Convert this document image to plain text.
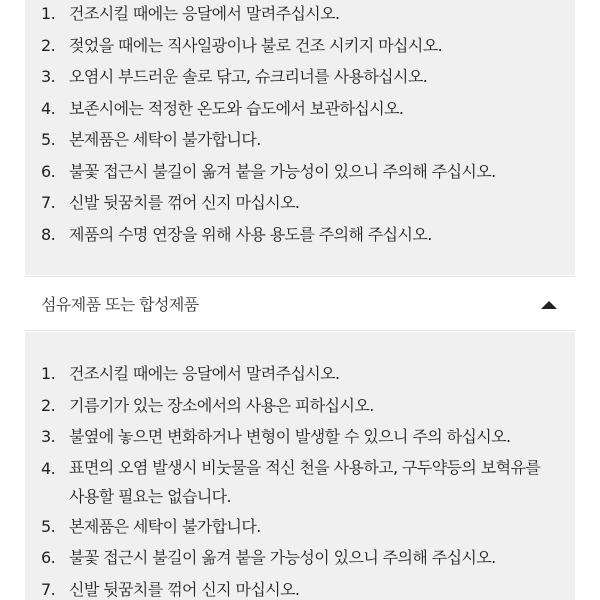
1. 건조시킬 때에는 응달에서 말려주십시오.
2. 젖었을 때에는 직사일광이나 불로 건조 시키지 마십시오.
3. 오염시 부드러운 솔로 닦고, 슈크리너를 사용하십시오.
4. 보존시에는 적정한 온도와 습도에서 보관하십시오.
5. 본제품은 세탁이 불가합니다.
6. 불꽃 접근시 불길이 옮겨 붙을 가능성이 있으니 주의해 주십시오.
7. 신발 뒷꿈치를 꺾어 신지 마십시오.
8. 제품의 수명 연장을 위해 사용 용도를 주의해 주십시오.
섬유제품 또는 합성제품
1. 건조시킬 때에는 응달에서 말려주십시오.
2. 기름기가 있는 장소에서의 사용은 피하십시오.
3. 불옆에 놓으면 변화하거나 변형이 발생할 수 있으니 주의 하십시오.
4. 표면의 오염 발생시 비눗물을 적신 천을 사용하고, 구두약등의 보혁유를 사용할 필요는 없습니다.
5. 본제품은 세탁이 불가합니다.
6. 불꽃 접근시 불길이 옮겨 붙을 가능성이 있으니 주의해 주십시오.
7. 신발 뒷꿈치를 꺾어 신지 마십시오.
